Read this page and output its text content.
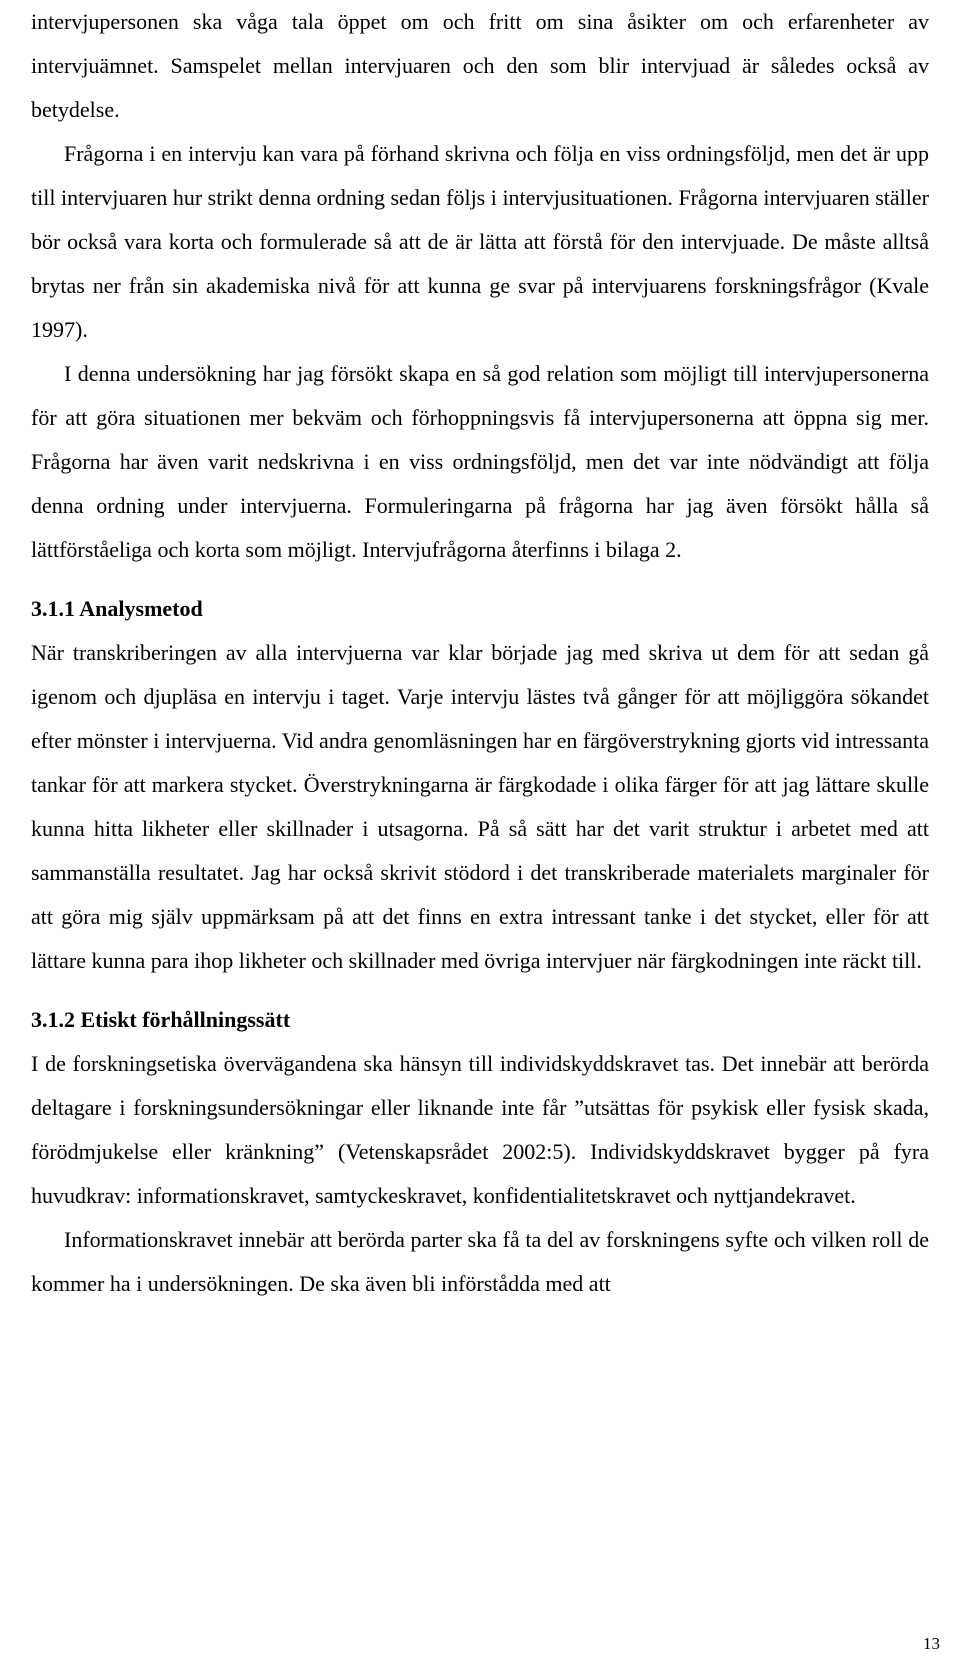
intervjupersonen ska våga tala öppet om och fritt om sina åsikter om och erfarenheter av intervjuämnet. Samspelet mellan intervjuaren och den som blir intervjuad är således också av betydelse.

Frågorna i en intervju kan vara på förhand skrivna och följa en viss ordningsföljd, men det är upp till intervjuaren hur strikt denna ordning sedan följs i intervjusituationen. Frågorna intervjuaren ställer bör också vara korta och formulerade så att de är lätta att förstå för den intervjuade. De måste alltså brytas ner från sin akademiska nivå för att kunna ge svar på intervjuarens forskningsfrågor (Kvale 1997).

I denna undersökning har jag försökt skapa en så god relation som möjligt till intervjupersonerna för att göra situationen mer bekväm och förhoppningsvis få intervjupersonerna att öppna sig mer. Frågorna har även varit nedskrivna i en viss ordningsföljd, men det var inte nödvändigt att följa denna ordning under intervjuerna. Formuleringarna på frågorna har jag även försökt hålla så lättförståeliga och korta som möjligt. Intervjufrågorna återfinns i bilaga 2.

3.1.1 Analysmetod

När transkriberingen av alla intervjuerna var klar började jag med skriva ut dem för att sedan gå igenom och djupläsa en intervju i taget. Varje intervju lästes två gånger för att möjliggöra sökandet efter mönster i intervjuerna. Vid andra genomläsningen har en färgöverstrykning gjorts vid intressanta tankar för att markera stycket. Överstrykningarna är färgkodade i olika färger för att jag lättare skulle kunna hitta likheter eller skillnader i utsagorna. På så sätt har det varit struktur i arbetet med att sammanställa resultatet. Jag har också skrivit stödord i det transkriberade materialets marginaler för att göra mig själv uppmärksam på att det finns en extra intressant tanke i det stycket, eller för att lättare kunna para ihop likheter och skillnader med övriga intervjuer när färgkodningen inte räckt till.

3.1.2 Etiskt förhållningssätt

I de forskningsetiska övervägandena ska hänsyn till individskyddskravet tas. Det innebär att berörda deltagare i forskningsundersökningar eller liknande inte får ”utsättas för psykisk eller fysisk skada, förödmjukelse eller kränkning” (Vetenskapsrådet 2002:5). Individskyddskravet bygger på fyra huvudkrav: informationskravet, samtyckeskravet, konfidentialitetskravet och nyttjandekravet.

Informationskravet innebär att berörda parter ska få ta del av forskningens syfte och vilken roll de kommer ha i undersökningen. De ska även bli införstådda med att

13
